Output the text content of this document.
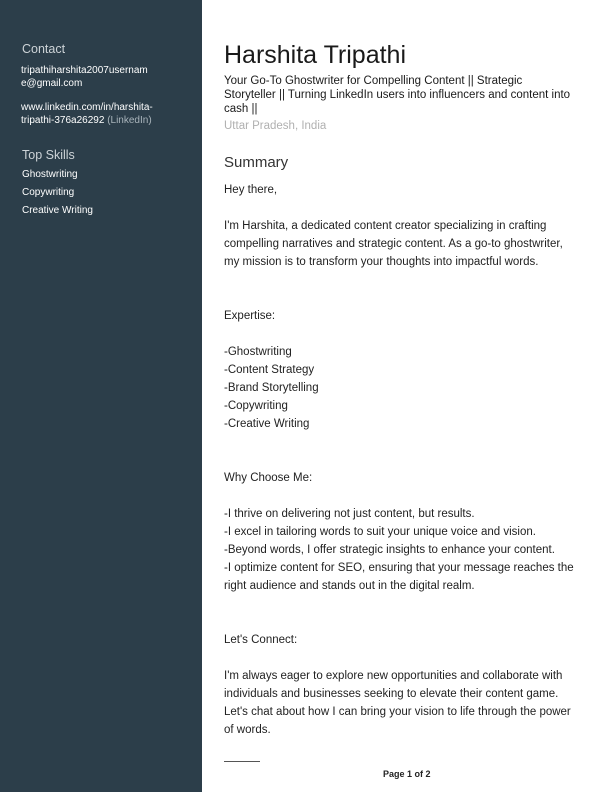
Contact
tripathiharshita2007usernam
e@gmail.com
www.linkedin.com/in/harshita-
tripathi-376a26292 (LinkedIn)
Top Skills
Ghostwriting
Copywriting
Creative Writing
Harshita Tripathi
Your Go-To Ghostwriter for Compelling Content || Strategic
Storyteller || Turning LinkedIn users into influencers and content into
cash ||
Uttar Pradesh, India
Summary
Hey there,
I'm Harshita, a dedicated content creator specializing in crafting
compelling narratives and strategic content. As a go-to ghostwriter,
my mission is to transform your thoughts into impactful words.
Expertise:
-Ghostwriting
-Content Strategy
-Brand Storytelling
-Copywriting
-Creative Writing
Why Choose Me:
-I thrive on delivering not just content, but results.
-I excel in tailoring words to suit your unique voice and vision.
-Beyond words, I offer strategic insights to enhance your content.
-I optimize content for SEO, ensuring that your message reaches the
right audience and stands out in the digital realm.
Let's Connect:
I'm always eager to explore new opportunities and collaborate with
individuals and businesses seeking to elevate their content game.
Let's chat about how I can bring your vision to life through the power
of words.
Page 1 of 2
